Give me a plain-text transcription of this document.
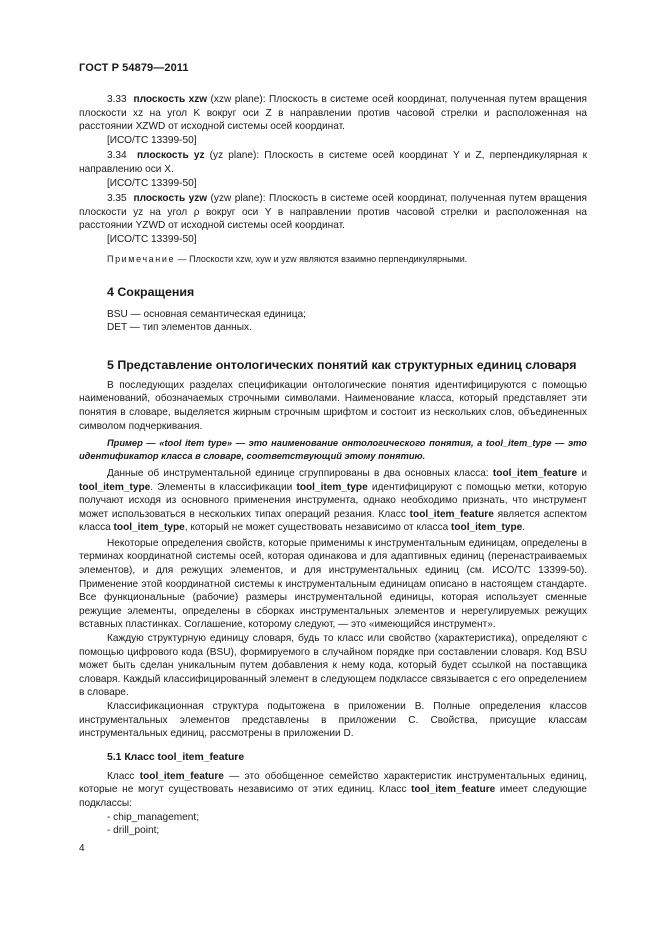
ГОСТ Р 54879—2011

3.33 плоскость xzw (xzw plane): Плоскость в системе осей координат, полученная путем вращения плоскости xz на угол K вокруг оси Z в направлении против часовой стрелки и расположенная на расстоянии XZWD от исходной системы осей координат.

[ИСО/ТС 13399-50]

3.34 плоскость yz (yz plane): Плоскость в системе осей координат Y и Z, перпендикулярная к направлению оси X.

[ИСО/ТС 13399-50]

3.35 плоскость yzw (yzw plane): Плоскость в системе осей координат, полученная путем вращения плоскости yz на угол ρ вокруг оси Y в направлении против часовой стрелки и расположенная на расстоянии YZWD от исходной системы осей координат.

[ИСО/ТС 13399-50]

Примечание — Плоскости xzw, xyw и yzw являются взаимно перпендикулярными.

4 Сокращения

BSU — основная семантическая единица;

DET — тип элементов данных.

5 Представление онтологических понятий как структурных единиц словаря

В последующих разделах спецификации онтологические понятия идентифицируются с помощью наименований, обозначаемых строчными символами. Наименование класса, который представляет эти понятия в словаре, выделяется жирным строчным шрифтом и состоит из нескольких слов, объединенных символом подчеркивания.

Пример — «tool item type» — это наименование онтологического понятия, а tool_item_type — это идентификатор класса в словаре, соответствующий этому понятию.

Данные об инструментальной единице сгруппированы в два основных класса: tool_item_feature и tool_item_type. Элементы в классификации tool_item_type идентифицируют с помощью метки, которую получают исходя из основного применения инструмента, однако необходимо признать, что инструмент может использоваться в нескольких типах операций резания. Класс tool_item_feature является аспектом класса tool_item_type, который не может существовать независимо от класса tool_item_type.

Некоторые определения свойств, которые применимы к инструментальным единицам, определены в терминах координатной системы осей, которая одинакова и для адаптивных единиц (перенастраиваемых элементов), и для режущих элементов, и для инструментальных единиц (см. ИСО/ТС 13399-50). Применение этой координатной системы к инструментальным единицам описано в настоящем стандарте. Все функциональные (рабочие) размеры инструментальной единицы, которая использует сменные режущие элементы, определены в сборках инструментальных элементов и нерегулируемых режущих вставных пластинках. Соглашение, которому следуют, — это «имеющийся инструмент».

Каждую структурную единицу словаря, будь то класс или свойство (характеристика), определяют с помощью цифрового кода (BSU), формируемого в случайном порядке при составлении словаря. Код BSU может быть сделан уникальным путем добавления к нему кода, который будет ссылкой на поставщика словаря. Каждый классифицированный элемент в следующем подклассе связывается с его определением в словаре.

Классификационная структура подытожена в приложении B. Полные определения классов инструментальных элементов представлены в приложении C. Свойства, присущие классам инструментальных единиц, рассмотрены в приложении D.

5.1 Класс tool_item_feature

Класс tool_item_feature — это обобщенное семейство характеристик инструментальных единиц, которые не могут существовать независимо от этих единиц. Класс tool_item_feature имеет следующие подклассы:

- chip_management;

- drill_point;

4
